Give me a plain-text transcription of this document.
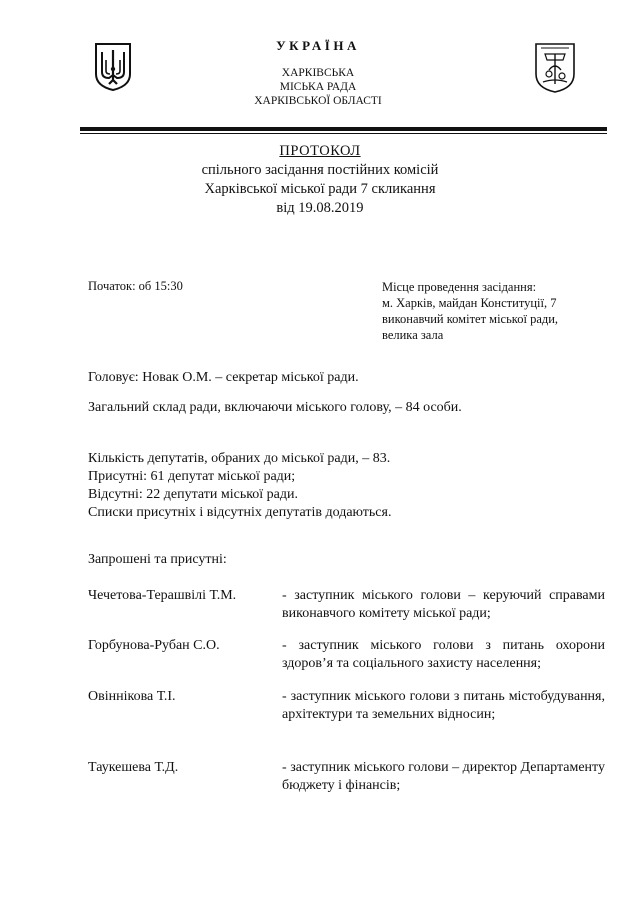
УКРАЇНА
ХАРКІВСЬКА
МІСЬКА РАДА
ХАРКІВСЬКОЇ ОБЛАСТІ
ПРОТОКОЛ
спільного засідання постійних комісій
Харківської міської ради 7 скликання
від 19.08.2019
Початок: об 15:30	Місце проведення засідання:
м. Харків, майдан Конституції, 7
виконавчий комітет міської ради,
велика зала
Головує: Новак О.М. – секретар міської ради.
Загальний склад ради, включаючи міського голову, – 84 особи.
Кількість депутатів, обраних до міської ради, – 83.
Присутні: 61 депутат міської ради;
Відсутні: 22 депутати міської ради.
Списки присутніх і відсутніх депутатів додаються.
Запрошені та присутні:
Чечетова-Терашвілі Т.М.	- заступник міського голови – керуючий справами виконавчого комітету міської ради;
Горбунова-Рубан С.О.	- заступник міського голови з питань охорони здоров’я та соціального захисту населення;
Овіннікова Т.І.	- заступник міського голови з питань містобудування, архітектури та земельних відносин;
Таукешева Т.Д.	- заступник міського голови – директор Департаменту бюджету і фінансів;
